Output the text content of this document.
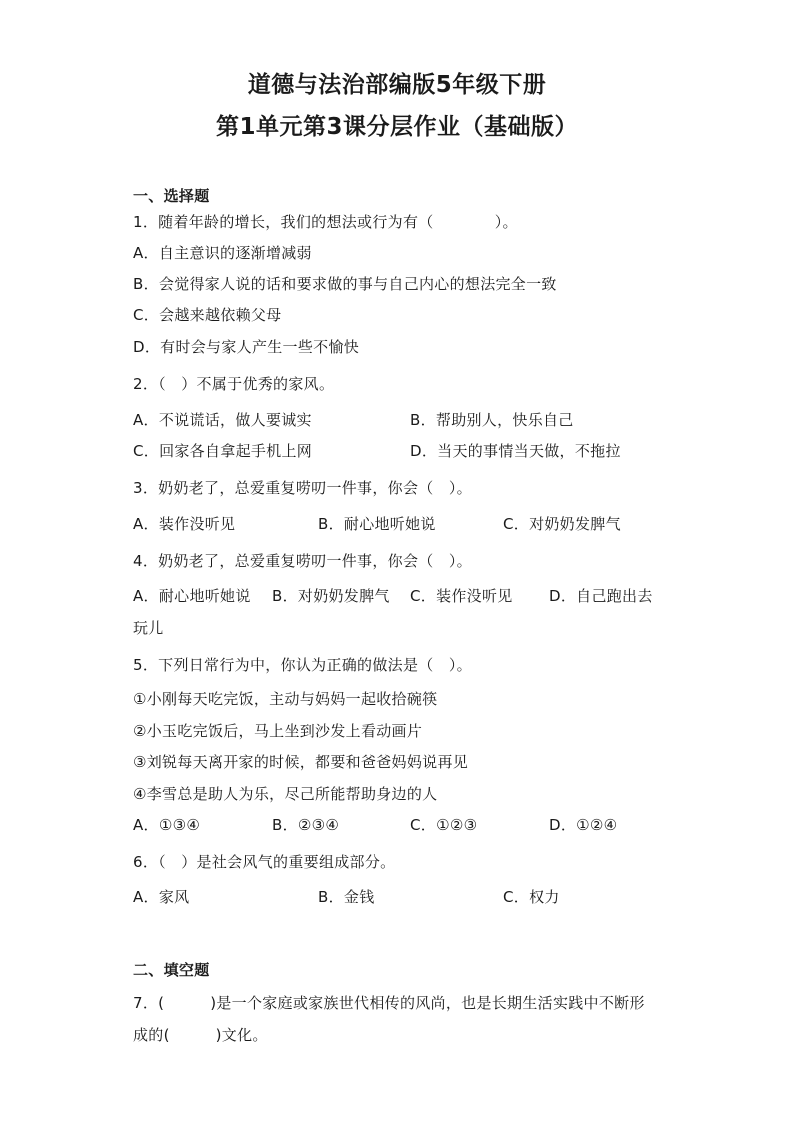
道德与法治部编版5年级下册
第1单元第3课分层作业（基础版）

一、选择题

1．随着年龄的增长，我们的想法或行为有（　　　　）。

A．自主意识的逐渐增减弱

B．会觉得家人说的话和要求做的事与自己内心的想法完全一致

C．会越来越依赖父母

D．有时会与家人产生一些不愉快

2．（　）不属于优秀的家风。

A．不说谎话，做人要诚实	B．帮助别人，快乐自己

C．回家各自拿起手机上网	D．当天的事情当天做，不拖拉

3．奶奶老了，总爱重复唠叨一件事，你会（　）。

A．装作没听见	B．耐心地听她说	C．对奶奶发脾气

4．奶奶老了，总爱重复唠叨一件事，你会（　）。

A．耐心地听她说 B．对奶奶发脾气 C．装作没听见 D．自己跑出去

玩儿

5．下列日常行为中，你认为正确的做法是（　）。

①小刚每天吃完饭，主动与妈妈一起收拾碗筷

②小玉吃完饭后，马上坐到沙发上看动画片

③刘锐每天离开家的时候，都要和爸爸妈妈说再见

④李雪总是助人为乐，尽己所能帮助身边的人

A．①③④	B．②③④	C．①②③	D．①②④

6．（　）是社会风气的重要组成部分。

A．家风	B．金钱	C．权力

二、填空题

7．(　　　)是一个家庭或家族世代相传的风尚，也是长期生活实践中不断形

成的(　　　)文化。
